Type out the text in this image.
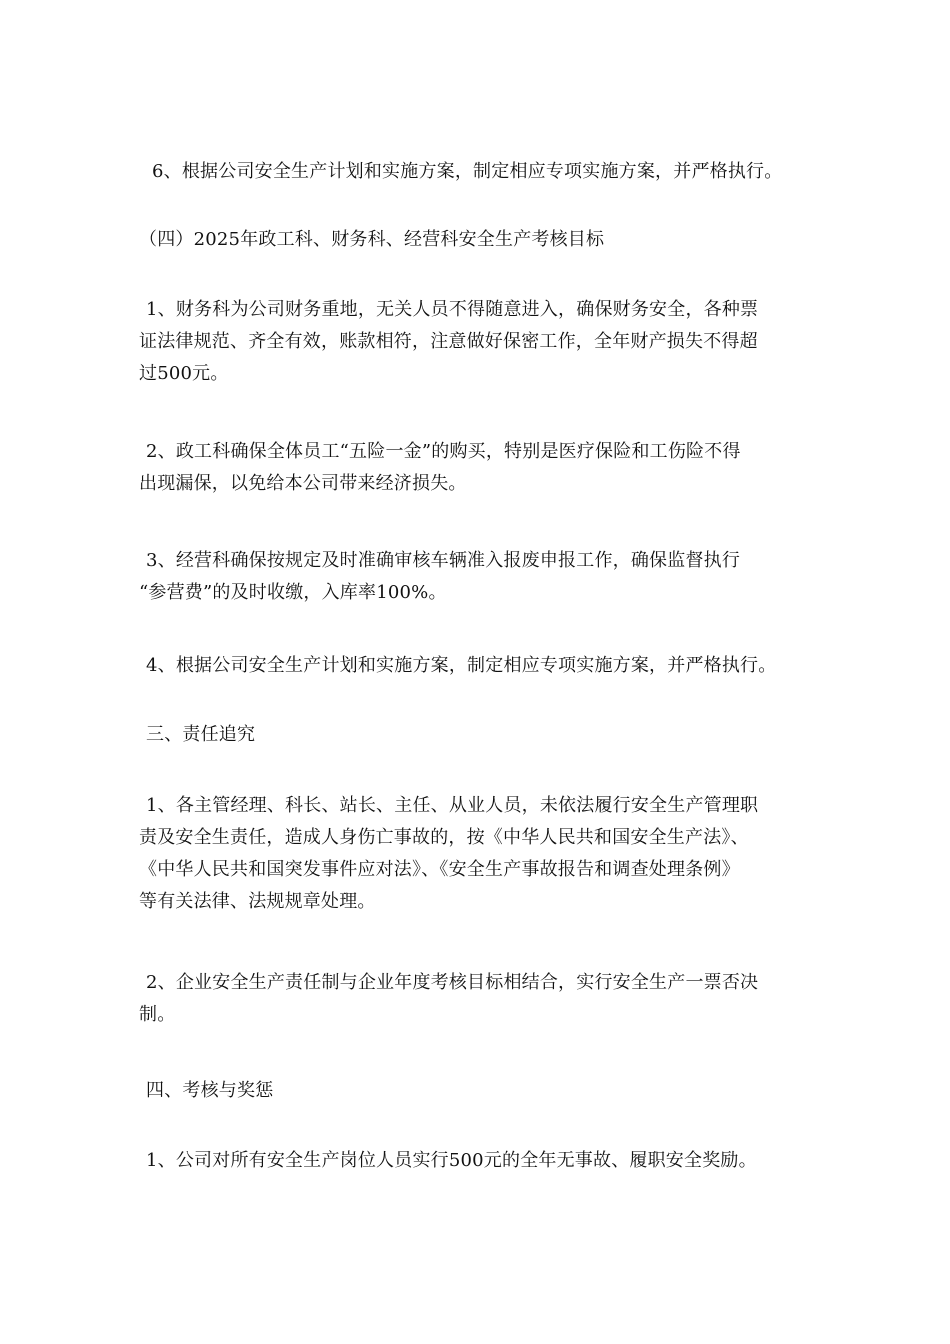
6、根据公司安全生产计划和实施方案，制定相应专项实施方案，并严格执行。

（四）2025年政工科、财务科、经营科安全生产考核目标

1、财务科为公司财务重地，无关人员不得随意进入，确保财务安全，各种票
证法律规范、齐全有效，账款相符，注意做好保密工作，全年财产损失不得超
过500元。

2、政工科确保全体员工“五险一金”的购买，特别是医疗保险和工伤险不得
出现漏保，以免给本公司带来经济损失。

3、经营科确保按规定及时准确审核车辆准入报废申报工作，确保监督执行
“参营费”的及时收缴，入库率100%。

4、根据公司安全生产计划和实施方案，制定相应专项实施方案，并严格执行。

三、责任追究

1、各主管经理、科长、站长、主任、从业人员，未依法履行安全生产管理职
责及安全生责任，造成人身伤亡事故的，按《中华人民共和国安全生产法》、
《中华人民共和国突发事件应对法》、《安全生产事故报告和调查处理条例》
等有关法律、法规规章处理。

2、企业安全生产责任制与企业年度考核目标相结合，实行安全生产一票否决
制。

四、考核与奖惩

1、公司对所有安全生产岗位人员实行500元的全年无事故、履职安全奖励。
